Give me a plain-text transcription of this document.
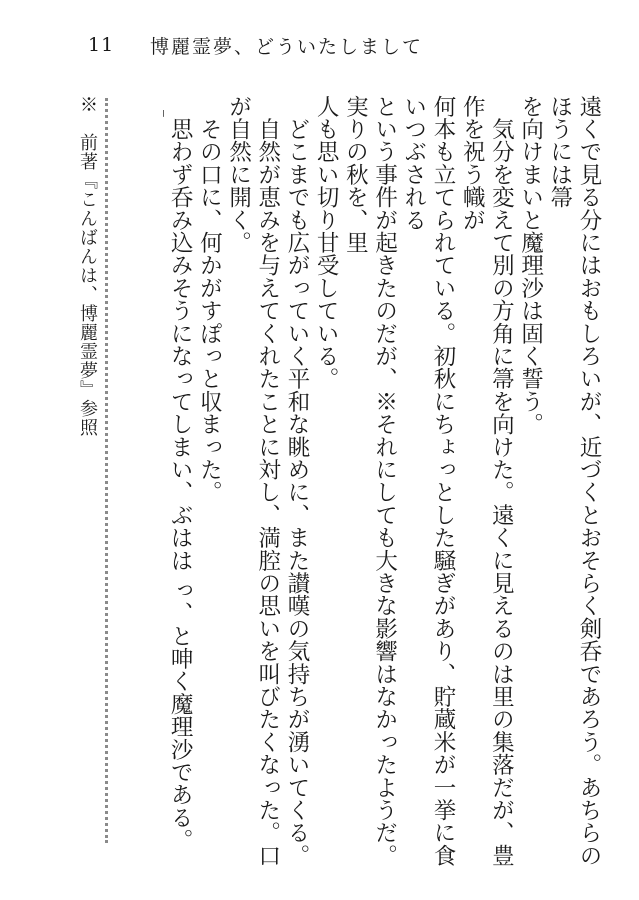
11	博麗霊夢、どういたしまして

遠くで見る分にはおもしろいが、近づくとおそらく剣呑であろう。あちらのほうには箒

を向けまいと魔理沙は固く誓う。

　気分を変えて別の方角に箒を向けた。遠くに見えるのは里の集落だが、豊作を祝う幟が

何本も立てられている。初秋にちょっとした騒ぎがあり、貯蔵米が一挙に食いつぶされる

という事件が起きたのだが、※それにしても大きな影響はなかったようだ。実りの秋を、里

人も思い切り甘受している。

　どこまでも広がっていく平和な眺めに、また讃嘆の気持ちが湧いてくる。

　自然が恵みを与えてくれたことに対し、満腔の思いを叫びたくなった。口が自然に開く。

　その口に、何かがすぽっと収まった。

　思わず呑み込みそうになってしまい、ぶはは っ、と呻く魔理沙である。

※　前著『こんばんは、博麗霊夢』参照
